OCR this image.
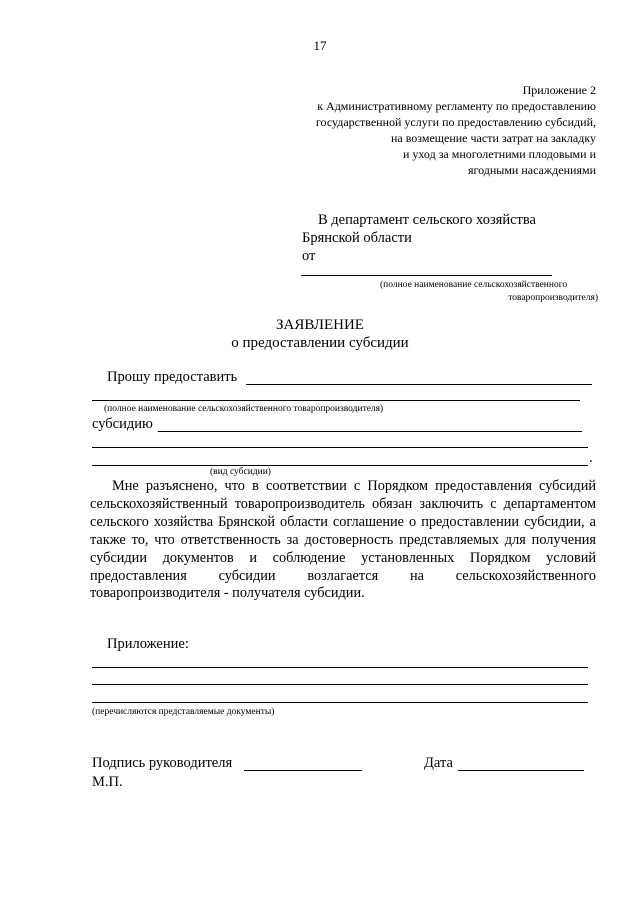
17
Приложение 2
к Административному регламенту по предоставлению
государственной услуги по предоставлению субсидий,
на возмещение части затрат на закладку
и уход за многолетними плодовыми и
ягодными насаждениями
В департамент сельского хозяйства
Брянской области
от
(полное наименование сельскохозяйственного
товаропроизводителя)
ЗАЯВЛЕНИЕ
о предоставлении субсидии
Прошу предоставить
(полное наименование сельскохозяйственного товаропроизводителя)
субсидию
.
(вид субсидии)
Мне разъяснено, что в соответствии с Порядком предоставления субсидий сельскохозяйственный товаропроизводитель обязан заключить с департаментом сельского хозяйства Брянской области соглашение о предоставлении субсидии, а также то, что ответственность за достоверность представляемых для получения субсидии документов и соблюдение установленных Порядком условий предоставления субсидии возлагается на сельскохозяйственного товаропроизводителя - получателя субсидии.
Приложение:
(перечисляются представляемые документы)
Подпись руководителя	Дата
М.П.
